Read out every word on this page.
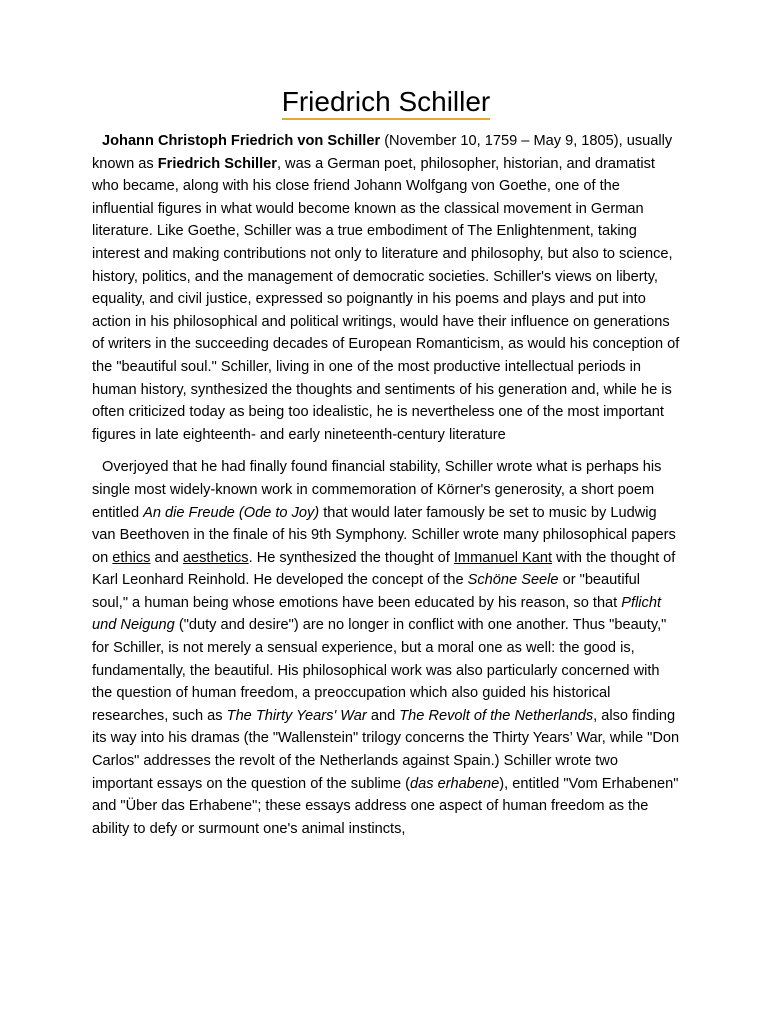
Friedrich Schiller

Johann Christoph Friedrich von Schiller (November 10, 1759 – May 9, 1805), usually known as Friedrich Schiller, was a German poet, philosopher, historian, and dramatist who became, along with his close friend Johann Wolfgang von Goethe, one of the influential figures in what would become known as the classical movement in German literature. Like Goethe, Schiller was a true embodiment of The Enlightenment, taking interest and making contributions not only to literature and philosophy, but also to science, history, politics, and the management of democratic societies. Schiller's views on liberty, equality, and civil justice, expressed so poignantly in his poems and plays and put into action in his philosophical and political writings, would have their influence on generations of writers in the succeeding decades of European Romanticism, as would his conception of the "beautiful soul." Schiller, living in one of the most productive intellectual periods in human history, synthesized the thoughts and sentiments of his generation and, while he is often criticized today as being too idealistic, he is nevertheless one of the most important figures in late eighteenth- and early nineteenth-century literature

Overjoyed that he had finally found financial stability, Schiller wrote what is perhaps his single most widely-known work in commemoration of Körner's generosity, a short poem entitled An die Freude (Ode to Joy) that would later famously be set to music by Ludwig van Beethoven in the finale of his 9th Symphony. Schiller wrote many philosophical papers on ethics and aesthetics. He synthesized the thought of Immanuel Kant with the thought of Karl Leonhard Reinhold. He developed the concept of the Schöne Seele or "beautiful soul," a human being whose emotions have been educated by his reason, so that Pflicht und Neigung ("duty and desire") are no longer in conflict with one another. Thus "beauty," for Schiller, is not merely a sensual experience, but a moral one as well: the good is, fundamentally, the beautiful. His philosophical work was also particularly concerned with the question of human freedom, a preoccupation which also guided his historical researches, such as The Thirty Years' War and The Revolt of the Netherlands, also finding its way into his dramas (the "Wallenstein" trilogy concerns the Thirty Years’ War, while "Don Carlos" addresses the revolt of the Netherlands against Spain.) Schiller wrote two important essays on the question of the sublime (das erhabene), entitled "Vom Erhabenen" and "Über das Erhabene"; these essays address one aspect of human freedom as the ability to defy or surmount one's animal instincts,
